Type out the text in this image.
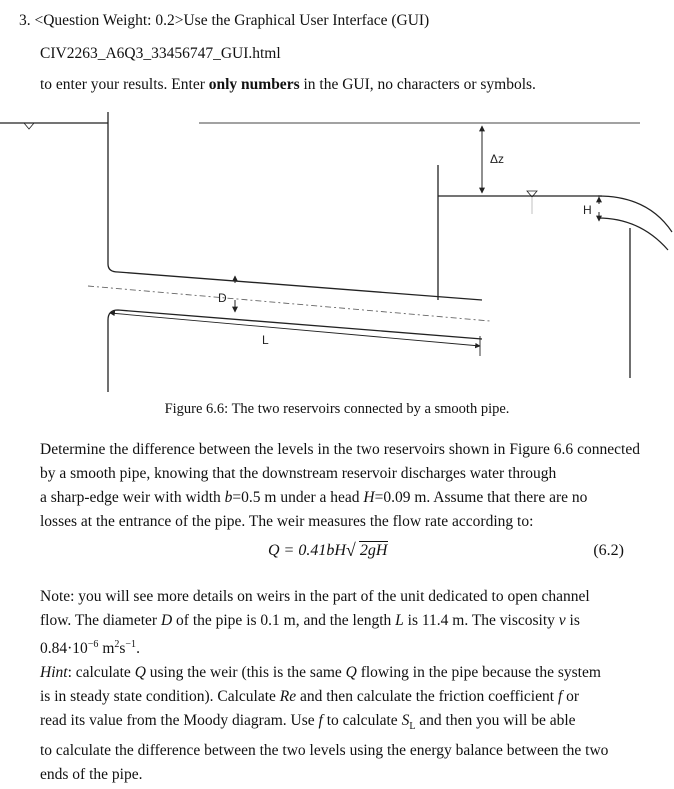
3. <Question Weight: 0.2>Use the Graphical User Interface (GUI)
CIV2263_A6Q3_33456747_GUI.html
to enter your results. Enter only numbers in the GUI, no characters or symbols.
D
L
Δz
H
Figure 6.6: The two reservoirs connected by a smooth pipe.
Determine the difference between the levels in the two reservoirs shown in Figure 6.6 connected by a smooth pipe, knowing that the downstream reservoir discharges water through
a sharp-edge weir with width b=0.5 m under a head H=0.09 m. Assume that there are no
losses at the entrance of the pipe. The weir measures the flow rate according to:
Q = 0.41bH√ 2gH	(6.2)
Note: you will see more details on weirs in the part of the unit dedicated to open channel
flow. The diameter D of the pipe is 0.1 m, and the length L is 11.4 m. The viscosity ν is
$0.84\cdot 10^{-6}$ $m^2s^{-1}$.
Hint: calculate Q using the weir (this is the same Q flowing in the pipe because the system
is in steady state condition). Calculate Re and then calculate the friction coefficient f or
read its value from the Moody diagram. Use f to calculate $S_L$ and then you will be able
to calculate the difference between the two levels using the energy balance between the two
ends of the pipe.
